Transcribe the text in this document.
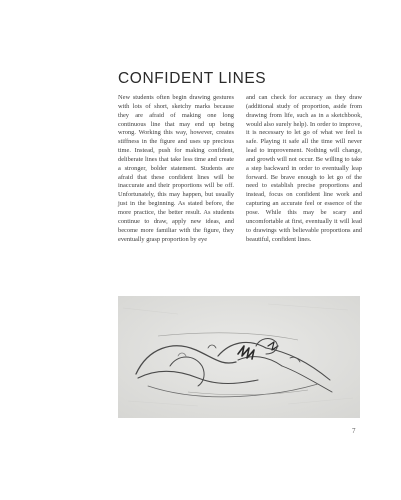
CONFIDENT LINES

New students often begin drawing gestures with lots of short, sketchy marks because they are afraid of making one long continuous line that may end up being wrong. Working this way, however, creates stiffness in the figure and uses up precious time. Instead, push for making confident, deliberate lines that take less time and create a stronger, bolder statement. Students are afraid that these confident lines will be inaccurate and their proportions will be off. Unfortunately, this may happen, but usually just in the beginning. As stated before, the more practice, the better result. As students continue to draw, apply new ideas, and become more familiar with the figure, they eventually grasp proportion by eye

and can check for accuracy as they draw (additional study of proportion, aside from drawing from life, such as in a sketchbook, would also surely help). In order to improve, it is necessary to let go of what we feel is safe. Playing it safe all the time will never lead to improvement. Nothing will change, and growth will not occur. Be willing to take a step backward in order to eventually leap forward. Be brave enough to let go of the need to establish precise proportions and instead, focus on confident line work and capturing an accurate feel or essence of the pose. While this may be scary and uncomfortable at first, eventually it will lead to drawings with believable proportions and beautiful, confident lines.

7
